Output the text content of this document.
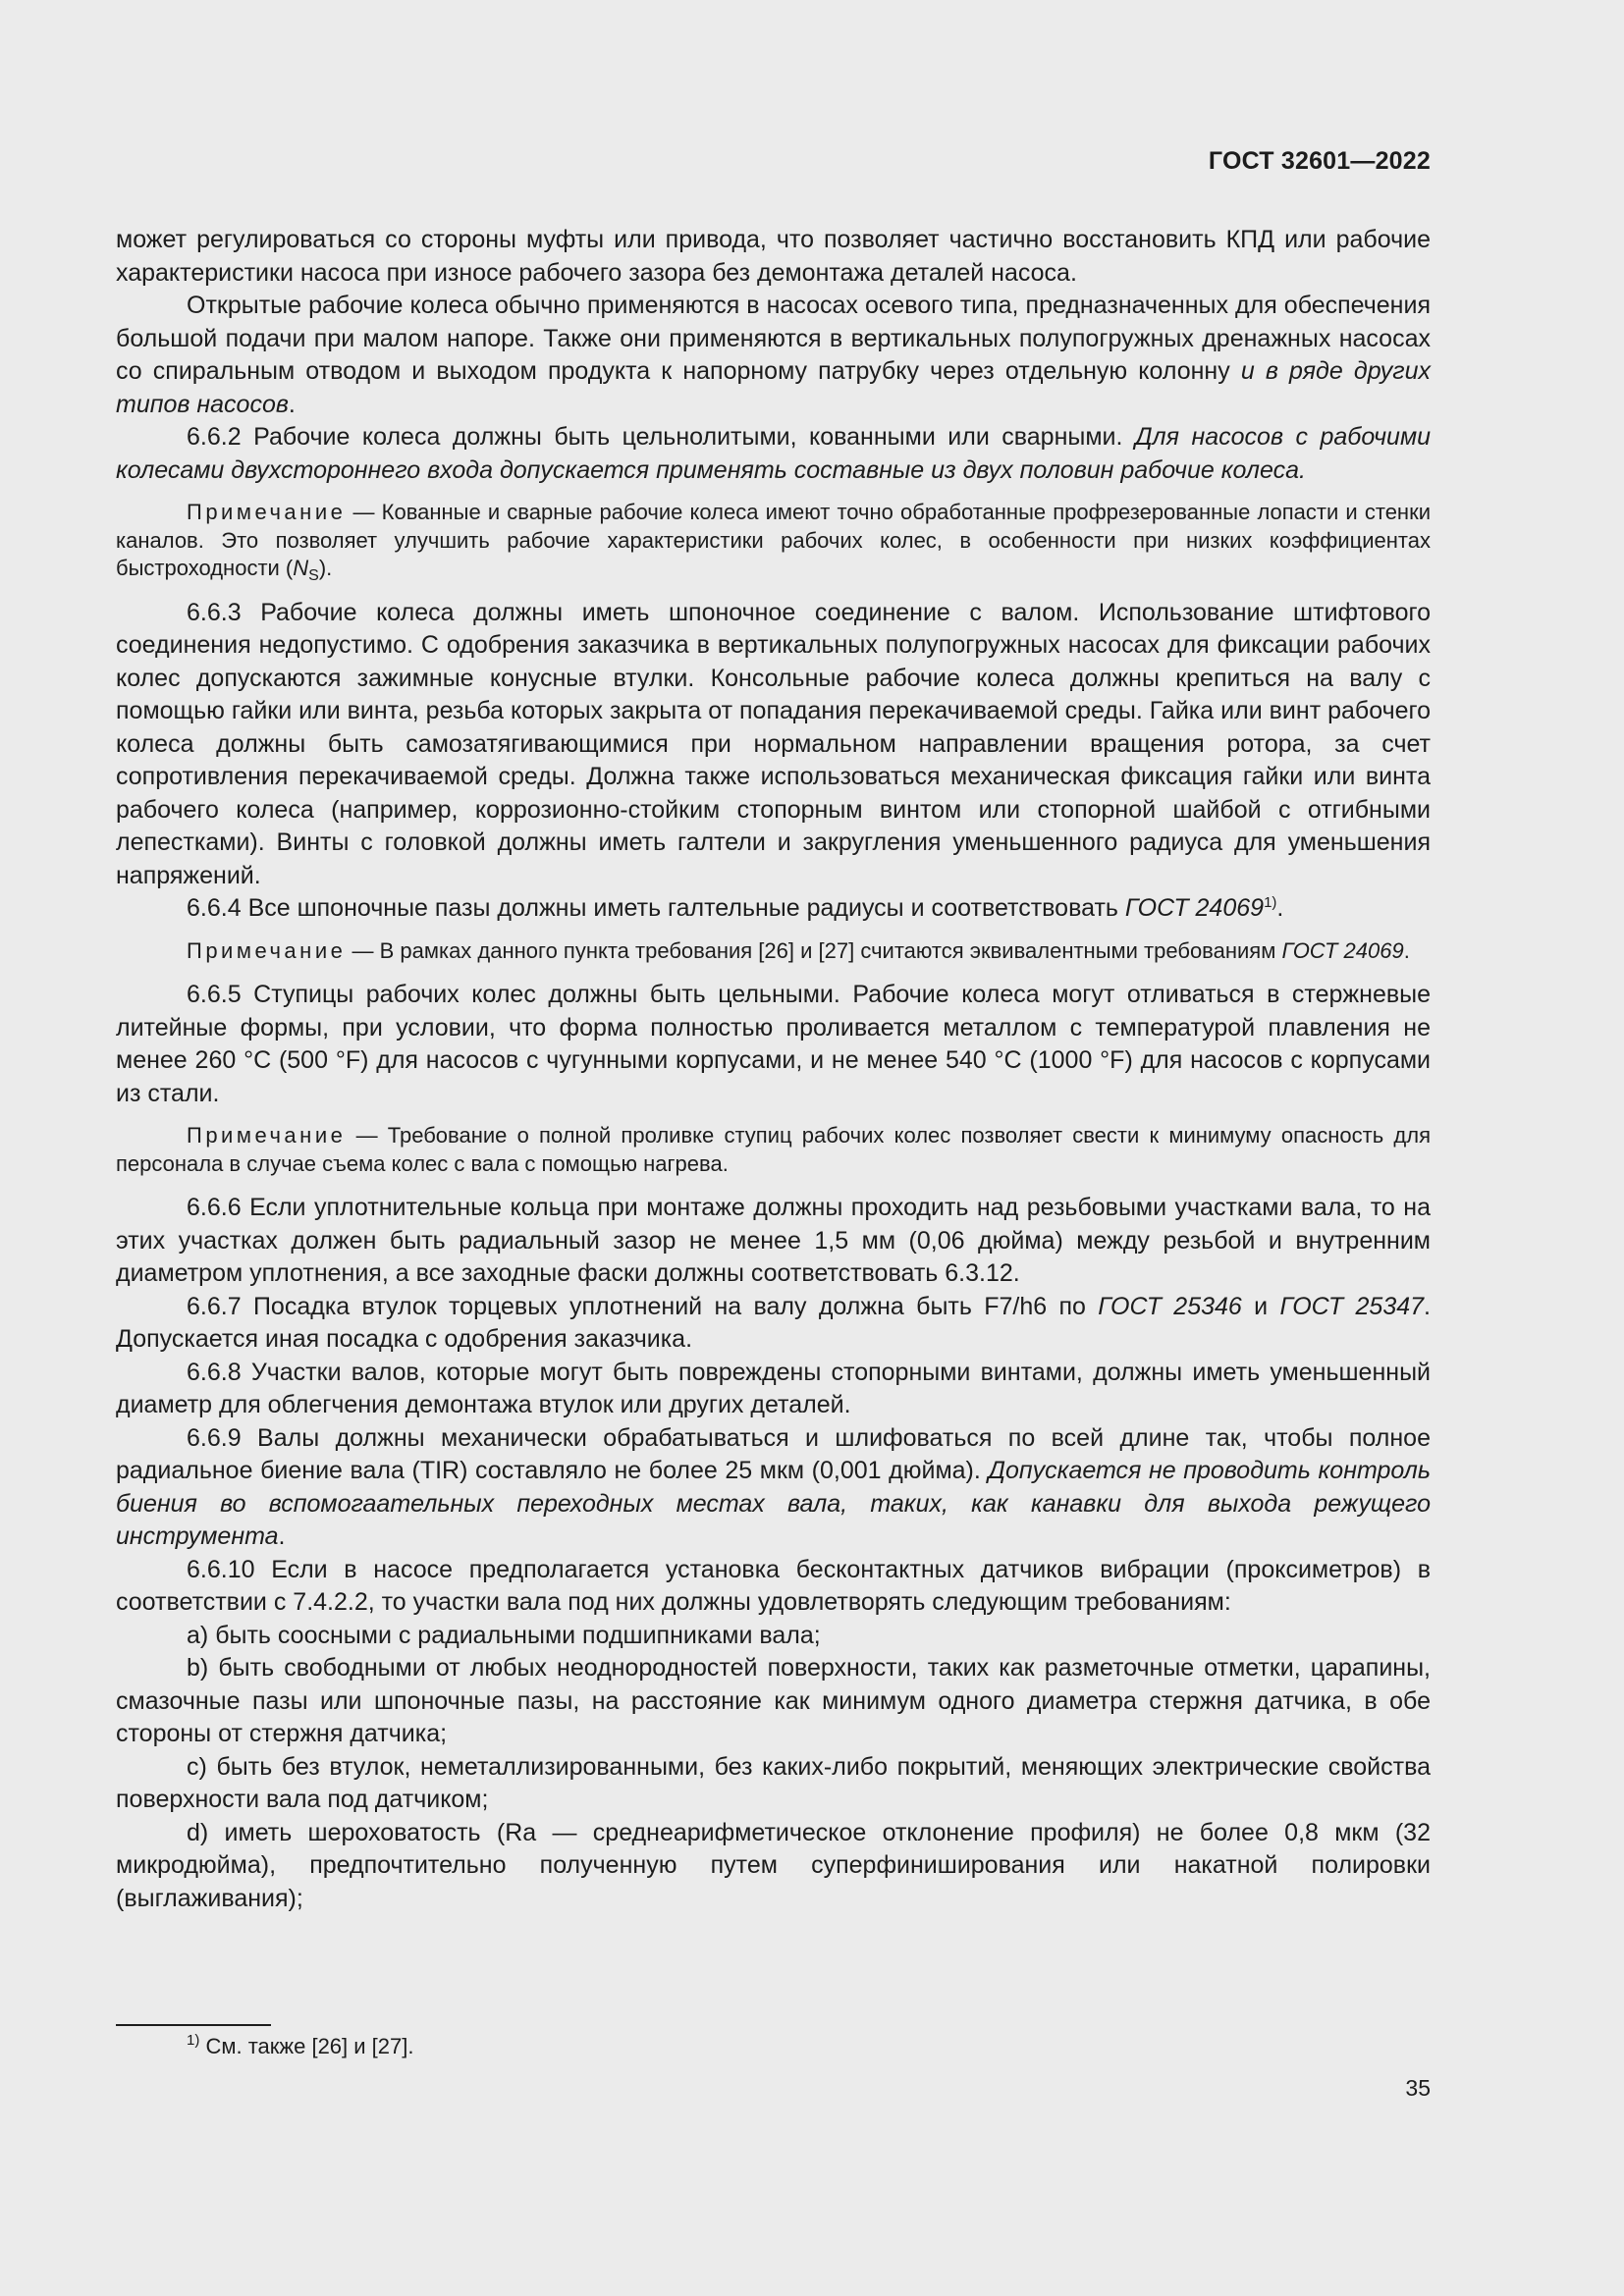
ГОСТ 32601—2022

может регулироваться со стороны муфты или привода, что позволяет частично восстановить КПД или рабочие характеристики насоса при износе рабочего зазора без демонтажа деталей насоса.

Открытые рабочие колеса обычно применяются в насосах осевого типа, предназначенных для обеспечения большой подачи при малом напоре. Также они применяются в вертикальных полупогружных дренажных насосах со спиральным отводом и выходом продукта к напорному патрубку через отдельную колонну и в ряде других типов насосов.

6.6.2 Рабочие колеса должны быть цельнолитыми, кованными или сварными. Для насосов с рабочими колесами двухстороннего входа допускается применять составные из двух половин рабочие колеса.

Примечание — Кованные и сварные рабочие колеса имеют точно обработанные профрезерованные лопасти и стенки каналов. Это позволяет улучшить рабочие характеристики рабочих колес, в особенности при низких коэффициентах быстроходности $(N_S)$.

6.6.3 Рабочие колеса должны иметь шпоночное соединение с валом. Использование штифтового соединения недопустимо. С одобрения заказчика в вертикальных полупогружных насосах для фиксации рабочих колес допускаются зажимные конусные втулки. Консольные рабочие колеса должны крепиться на валу с помощью гайки или винта, резьба которых закрыта от попадания перекачиваемой среды. Гайка или винт рабочего колеса должны быть самозатягивающимися при нормальном направлении вращения ротора, за счет сопротивления перекачиваемой среды. Должна также использоваться механическая фиксация гайки или винта рабочего колеса (например, коррозионно-стойким стопорным винтом или стопорной шайбой с отгибными лепестками). Винты с головкой должны иметь галтели и закругления уменьшенного радиуса для уменьшения напряжений.

6.6.4 Все шпоночные пазы должны иметь галтельные радиусы и соответствовать ГОСТ 24069$^{1)}$.

Примечание — В рамках данного пункта требования [26] и [27] считаются эквивалентными требованиям ГОСТ 24069.

6.6.5 Ступицы рабочих колес должны быть цельными. Рабочие колеса могут отливаться в стержневые литейные формы, при условии, что форма полностью проливается металлом с температурой плавления не менее 260 °С (500 °F) для насосов с чугунными корпусами, и не менее 540 °С (1000 °F) для насосов с корпусами из стали.

Примечание — Требование о полной проливке ступиц рабочих колес позволяет свести к минимуму опасность для персонала в случае съема колес с вала с помощью нагрева.

6.6.6 Если уплотнительные кольца при монтаже должны проходить над резьбовыми участками вала, то на этих участках должен быть радиальный зазор не менее 1,5 мм (0,06 дюйма) между резьбой и внутренним диаметром уплотнения, а все заходные фаски должны соответствовать 6.3.12.

6.6.7 Посадка втулок торцевых уплотнений на валу должна быть F7/h6 по ГОСТ 25346 и ГОСТ 25347. Допускается иная посадка с одобрения заказчика.

6.6.8 Участки валов, которые могут быть повреждены стопорными винтами, должны иметь уменьшенный диаметр для облегчения демонтажа втулок или других деталей.

6.6.9 Валы должны механически обрабатываться и шлифоваться по всей длине так, чтобы полное радиальное биение вала (TIR) составляло не более 25 мкм (0,001 дюйма). Допускается не проводить контроль биения во вспомогаательных переходных местах вала, таких, как канавки для выхода режущего инструмента.

6.6.10 Если в насосе предполагается установка бесконтактных датчиков вибрации (проксиметров) в соответствии с 7.4.2.2, то участки вала под них должны удовлетворять следующим требованиям:

a) быть соосными с радиальными подшипниками вала;

b) быть свободными от любых неоднородностей поверхности, таких как разметочные отметки, царапины, смазочные пазы или шпоночные пазы, на расстояние как минимум одного диаметра стержня датчика, в обе стороны от стержня датчика;

c) быть без втулок, неметаллизированными, без каких-либо покрытий, меняющих электрические свойства поверхности вала под датчиком;

d) иметь шероховатость (Ra — среднеарифметическое отклонение профиля) не более 0,8 мкм (32 микродюйма), предпочтительно полученную путем суперфиниширования или накатной полировки (выглаживания);

$^{1)}$ См. также [26] и [27].
35
